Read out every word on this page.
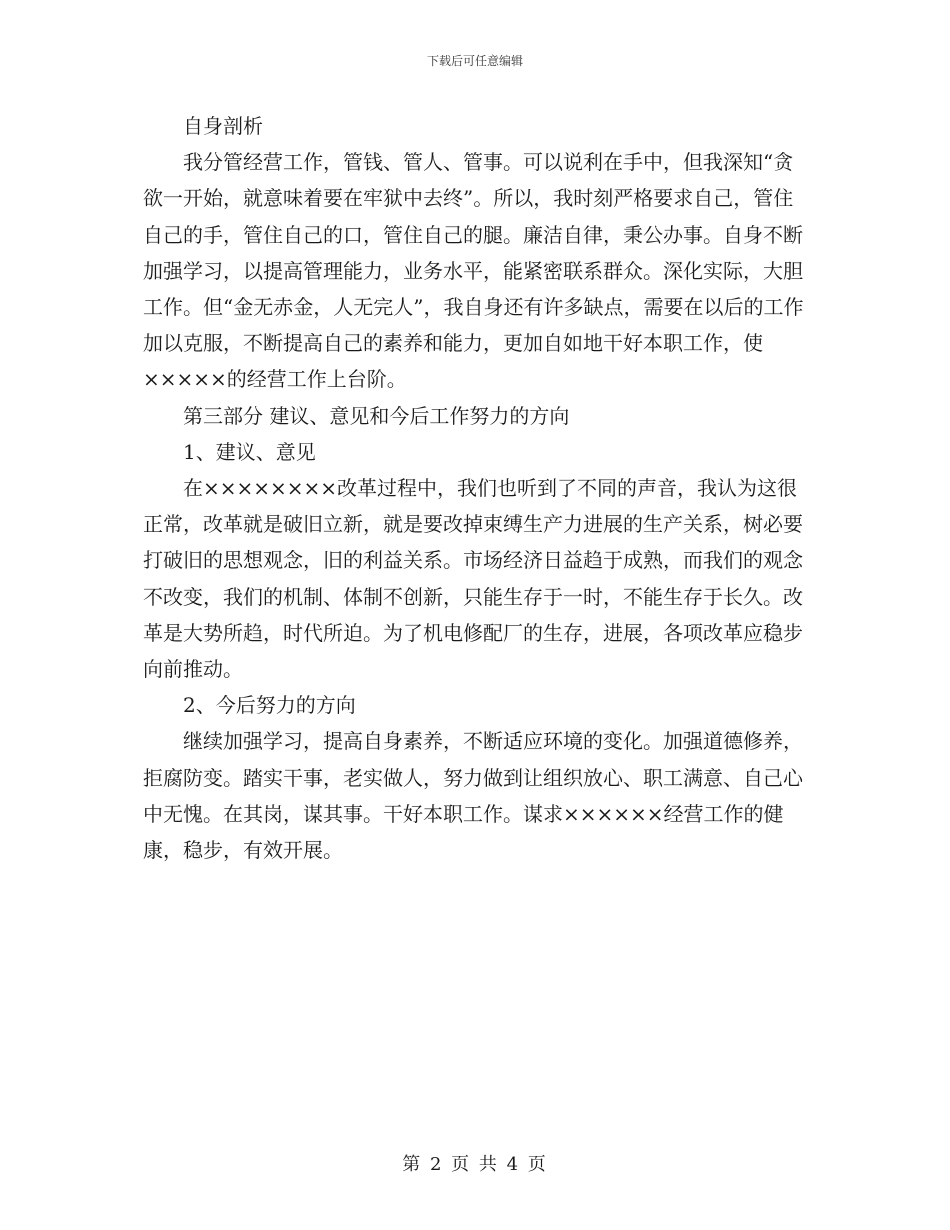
下载后可任意编辑

自身剖析

我分管经营工作，管钱、管人、管事。可以说利在手中，但我深知“贪欲一开始，就意味着要在牢狱中去终”。所以，我时刻严格要求自己，管住自己的手，管住自己的口，管住自己的腿。廉洁自律，秉公办事。自身不断加强学习，以提高管理能力，业务水平，能紧密联系群众。深化实际，大胆工作。但“金无赤金，人无完人”，我自身还有许多缺点，需要在以后的工作加以克服，不断提高自己的素养和能力，更加自如地干好本职工作，使×××××的经营工作上台阶。

第三部分 建议、意见和今后工作努力的方向

1、建议、意见

在××××××××改革过程中，我们也听到了不同的声音，我认为这很正常，改革就是破旧立新，就是要改掉束缚生产力进展的生产关系，树必要打破旧的思想观念，旧的利益关系。市场经济日益趋于成熟，而我们的观念不改变，我们的机制、体制不创新，只能生存于一时，不能生存于长久。改革是大势所趋，时代所迫。为了机电修配厂的生存，进展，各项改革应稳步向前推动。

2、今后努力的方向

继续加强学习，提高自身素养，不断适应环境的变化。加强道德修养，拒腐防变。踏实干事，老实做人，努力做到让组织放心、职工满意、自己心中无愧。在其岗，谋其事。干好本职工作。谋求××××××经营工作的健康，稳步，有效开展。

第 2 页 共 4 页
